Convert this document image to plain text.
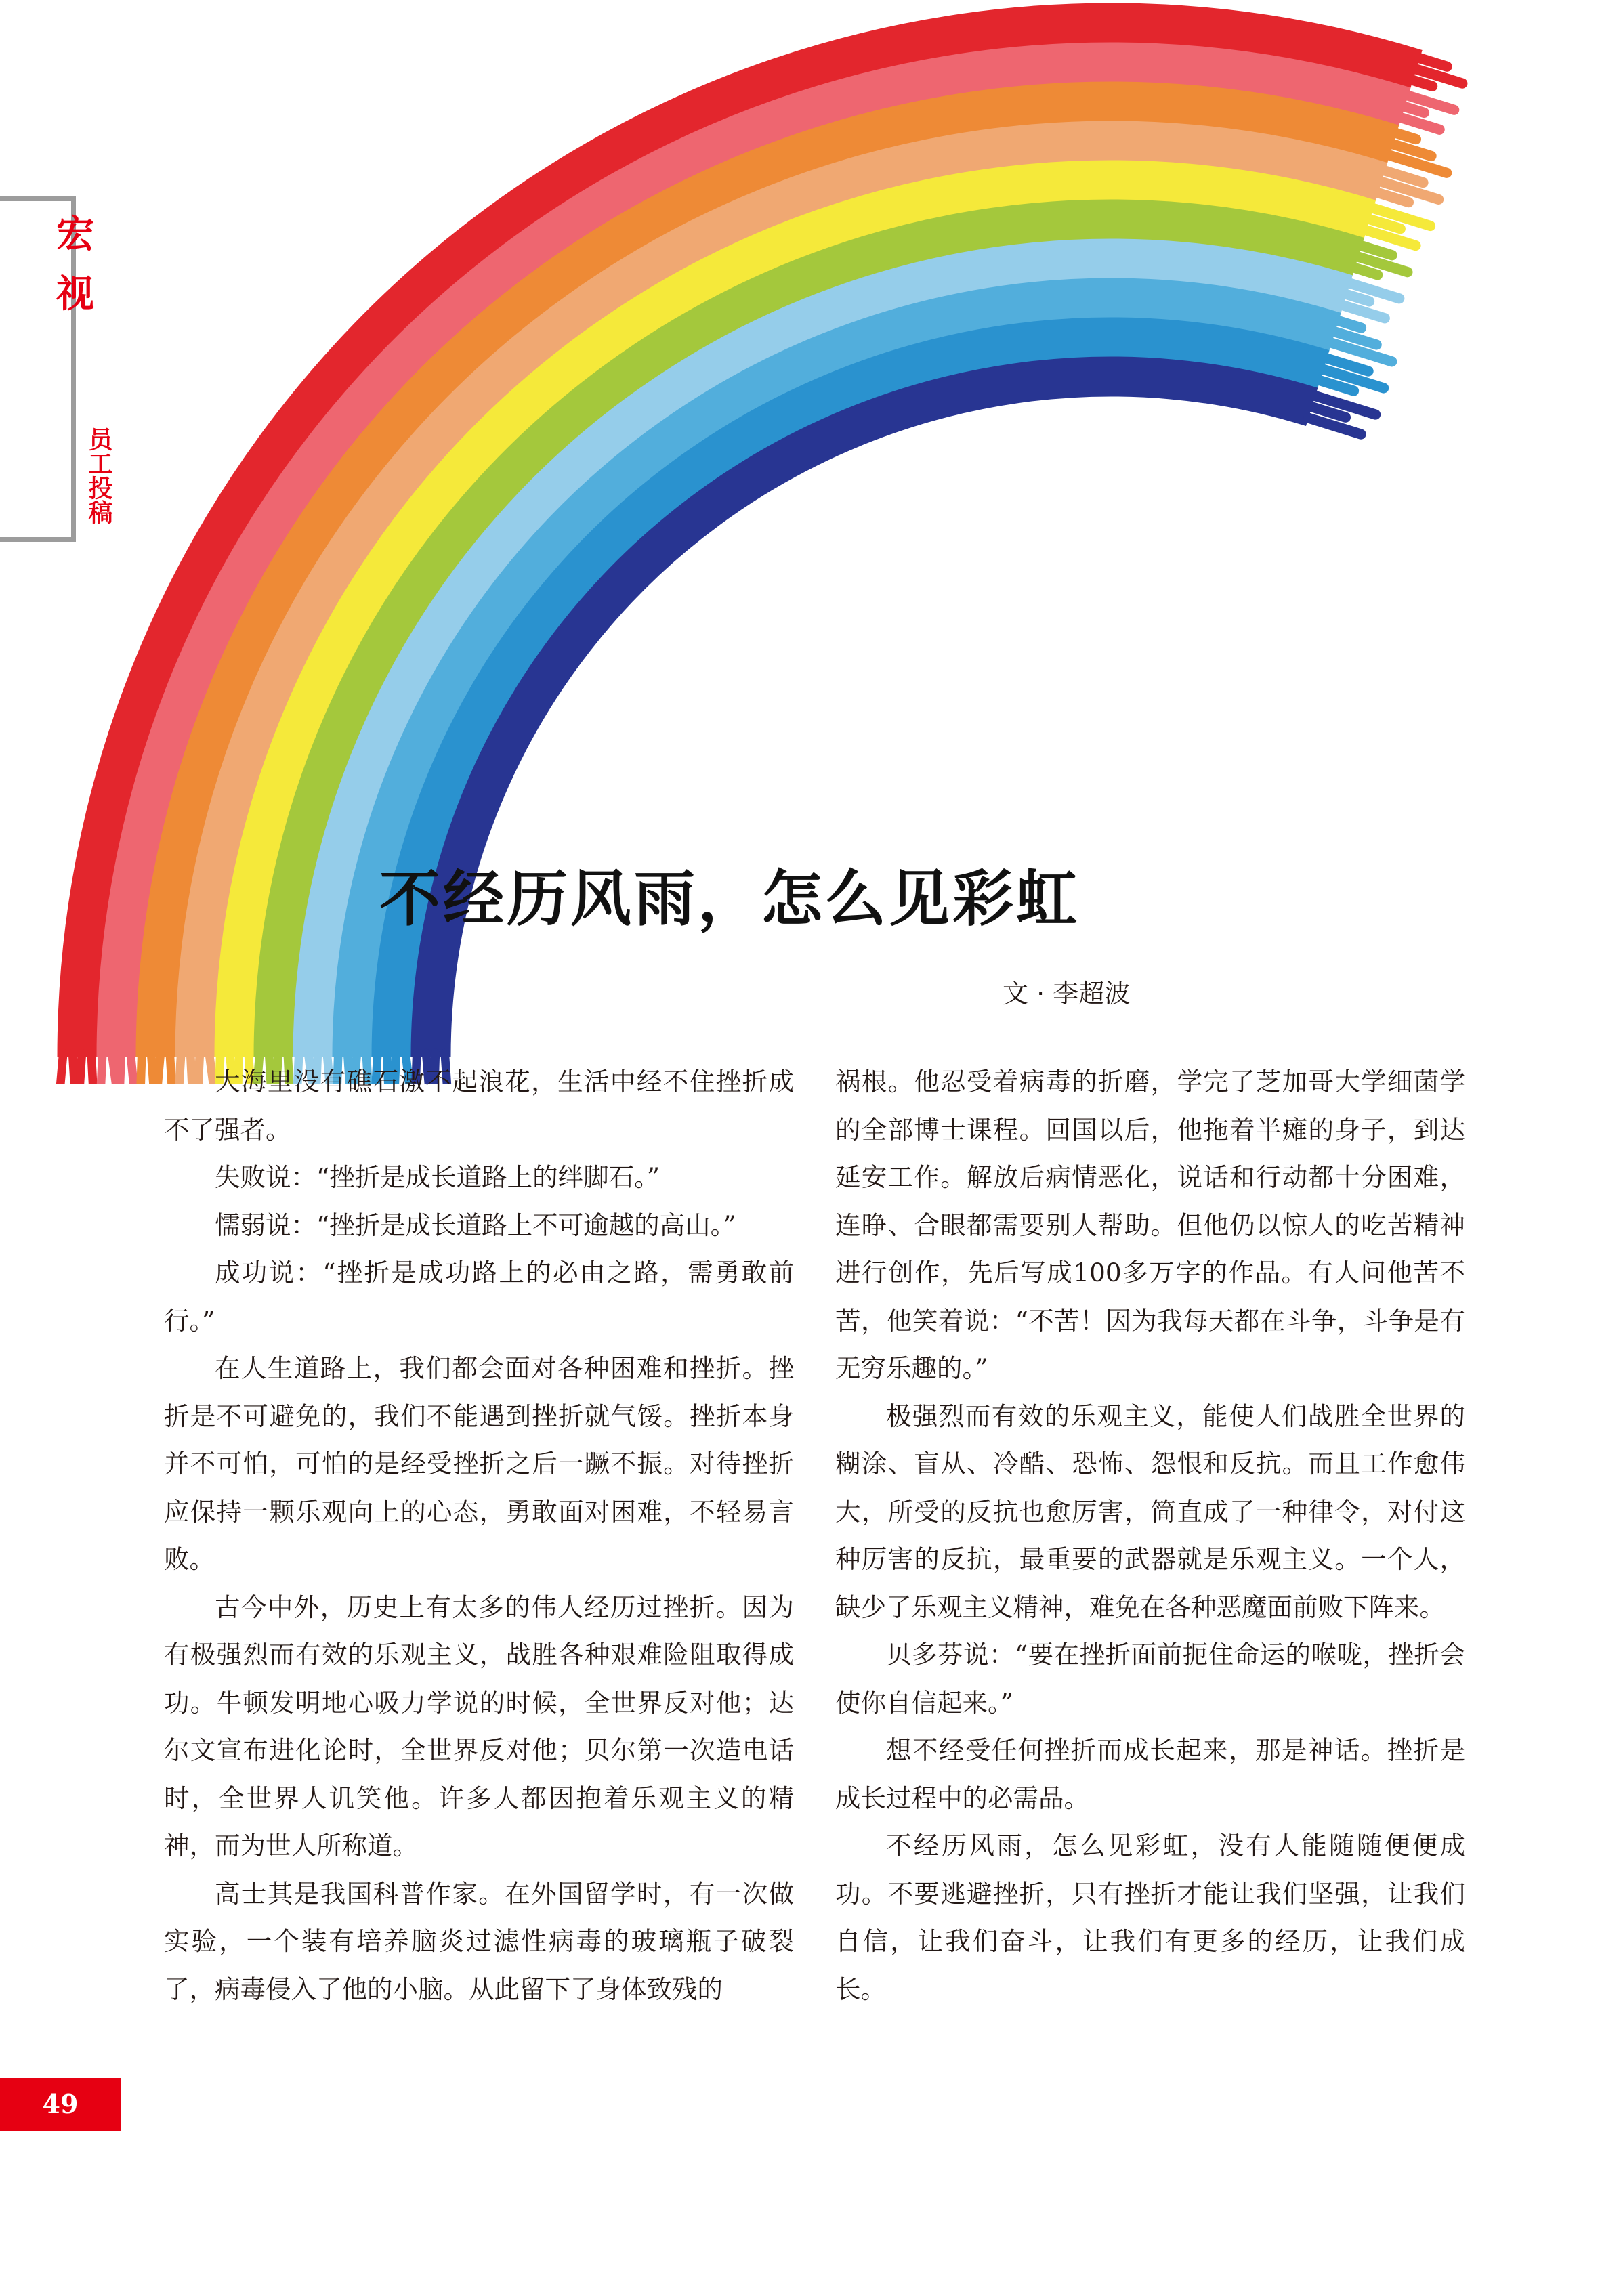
宏
视
员工投稿
不经历风雨，怎么见彩虹
文 · 李超波

大海里没有礁石激不起浪花，生活中经不住挫折成不了强者。

失败说：“挫折是成长道路上的绊脚石。”

懦弱说：“挫折是成长道路上不可逾越的高山。”

成功说：“挫折是成功路上的必由之路，需勇敢前行。”

在人生道路上，我们都会面对各种困难和挫折。挫折是不可避免的，我们不能遇到挫折就气馁。挫折本身并不可怕，可怕的是经受挫折之后一蹶不振。对待挫折应保持一颗乐观向上的心态，勇敢面对困难，不轻易言败。

古今中外，历史上有太多的伟人经历过挫折。因为有极强烈而有效的乐观主义，战胜各种艰难险阻取得成功。牛顿发明地心吸力学说的时候，全世界反对他；达尔文宣布进化论时，全世界反对他；贝尔第一次造电话时，全世界人讥笑他。许多人都因抱着乐观主义的精神，而为世人所称道。

高士其是我国科普作家。在外国留学时，有一次做实验，一个装有培养脑炎过滤性病毒的玻璃瓶子破裂了，病毒侵入了他的小脑。从此留下了身体致残的

祸根。他忍受着病毒的折磨，学完了芝加哥大学细菌学的全部博士课程。回国以后，他拖着半瘫的身子，到达延安工作。解放后病情恶化，说话和行动都十分困难，连睁、合眼都需要别人帮助。但他仍以惊人的吃苦精神进行创作，先后写成100多万字的作品。有人问他苦不苦，他笑着说：“不苦！因为我每天都在斗争，斗争是有无穷乐趣的。”

极强烈而有效的乐观主义，能使人们战胜全世界的糊涂、盲从、冷酷、恐怖、怨恨和反抗。而且工作愈伟大，所受的反抗也愈厉害，简直成了一种律令，对付这种厉害的反抗，最重要的武器就是乐观主义。一个人，缺少了乐观主义精神，难免在各种恶魔面前败下阵来。

贝多芬说：“要在挫折面前扼住命运的喉咙，挫折会使你自信起来。”

想不经受任何挫折而成长起来，那是神话。挫折是成长过程中的必需品。

不经历风雨，怎么见彩虹，没有人能随随便便成功。不要逃避挫折，只有挫折才能让我们坚强，让我们自信，让我们奋斗，让我们有更多的经历，让我们成长。

49
